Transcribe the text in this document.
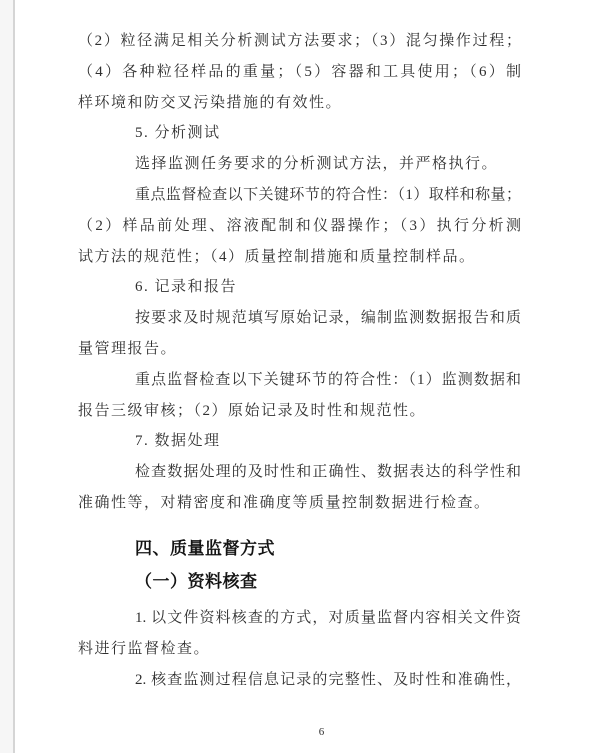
（2）粒径满足相关分析测试方法要求；（3）混匀操作过程；
（4）各种粒径样品的重量；（5）容器和工具使用；（6）制
样环境和防交叉污染措施的有效性。
5. 分析测试
选择监测任务要求的分析测试方法，并严格执行。
重点监督检查以下关键环节的符合性：（1）取样和称量；
（2）样品前处理、溶液配制和仪器操作；（3）执行分析测
试方法的规范性；（4）质量控制措施和质量控制样品。
6. 记录和报告
按要求及时规范填写原始记录，编制监测数据报告和质
量管理报告。
重点监督检查以下关键环节的符合性：（1）监测数据和
报告三级审核；（2）原始记录及时性和规范性。
7. 数据处理
检查数据处理的及时性和正确性、数据表达的科学性和
准确性等，对精密度和准确度等质量控制数据进行检查。
四、质量监督方式
（一）资料核查
1. 以文件资料核查的方式，对质量监督内容相关文件资
料进行监督检查。
2. 核查监测过程信息记录的完整性、及时性和准确性，
6
